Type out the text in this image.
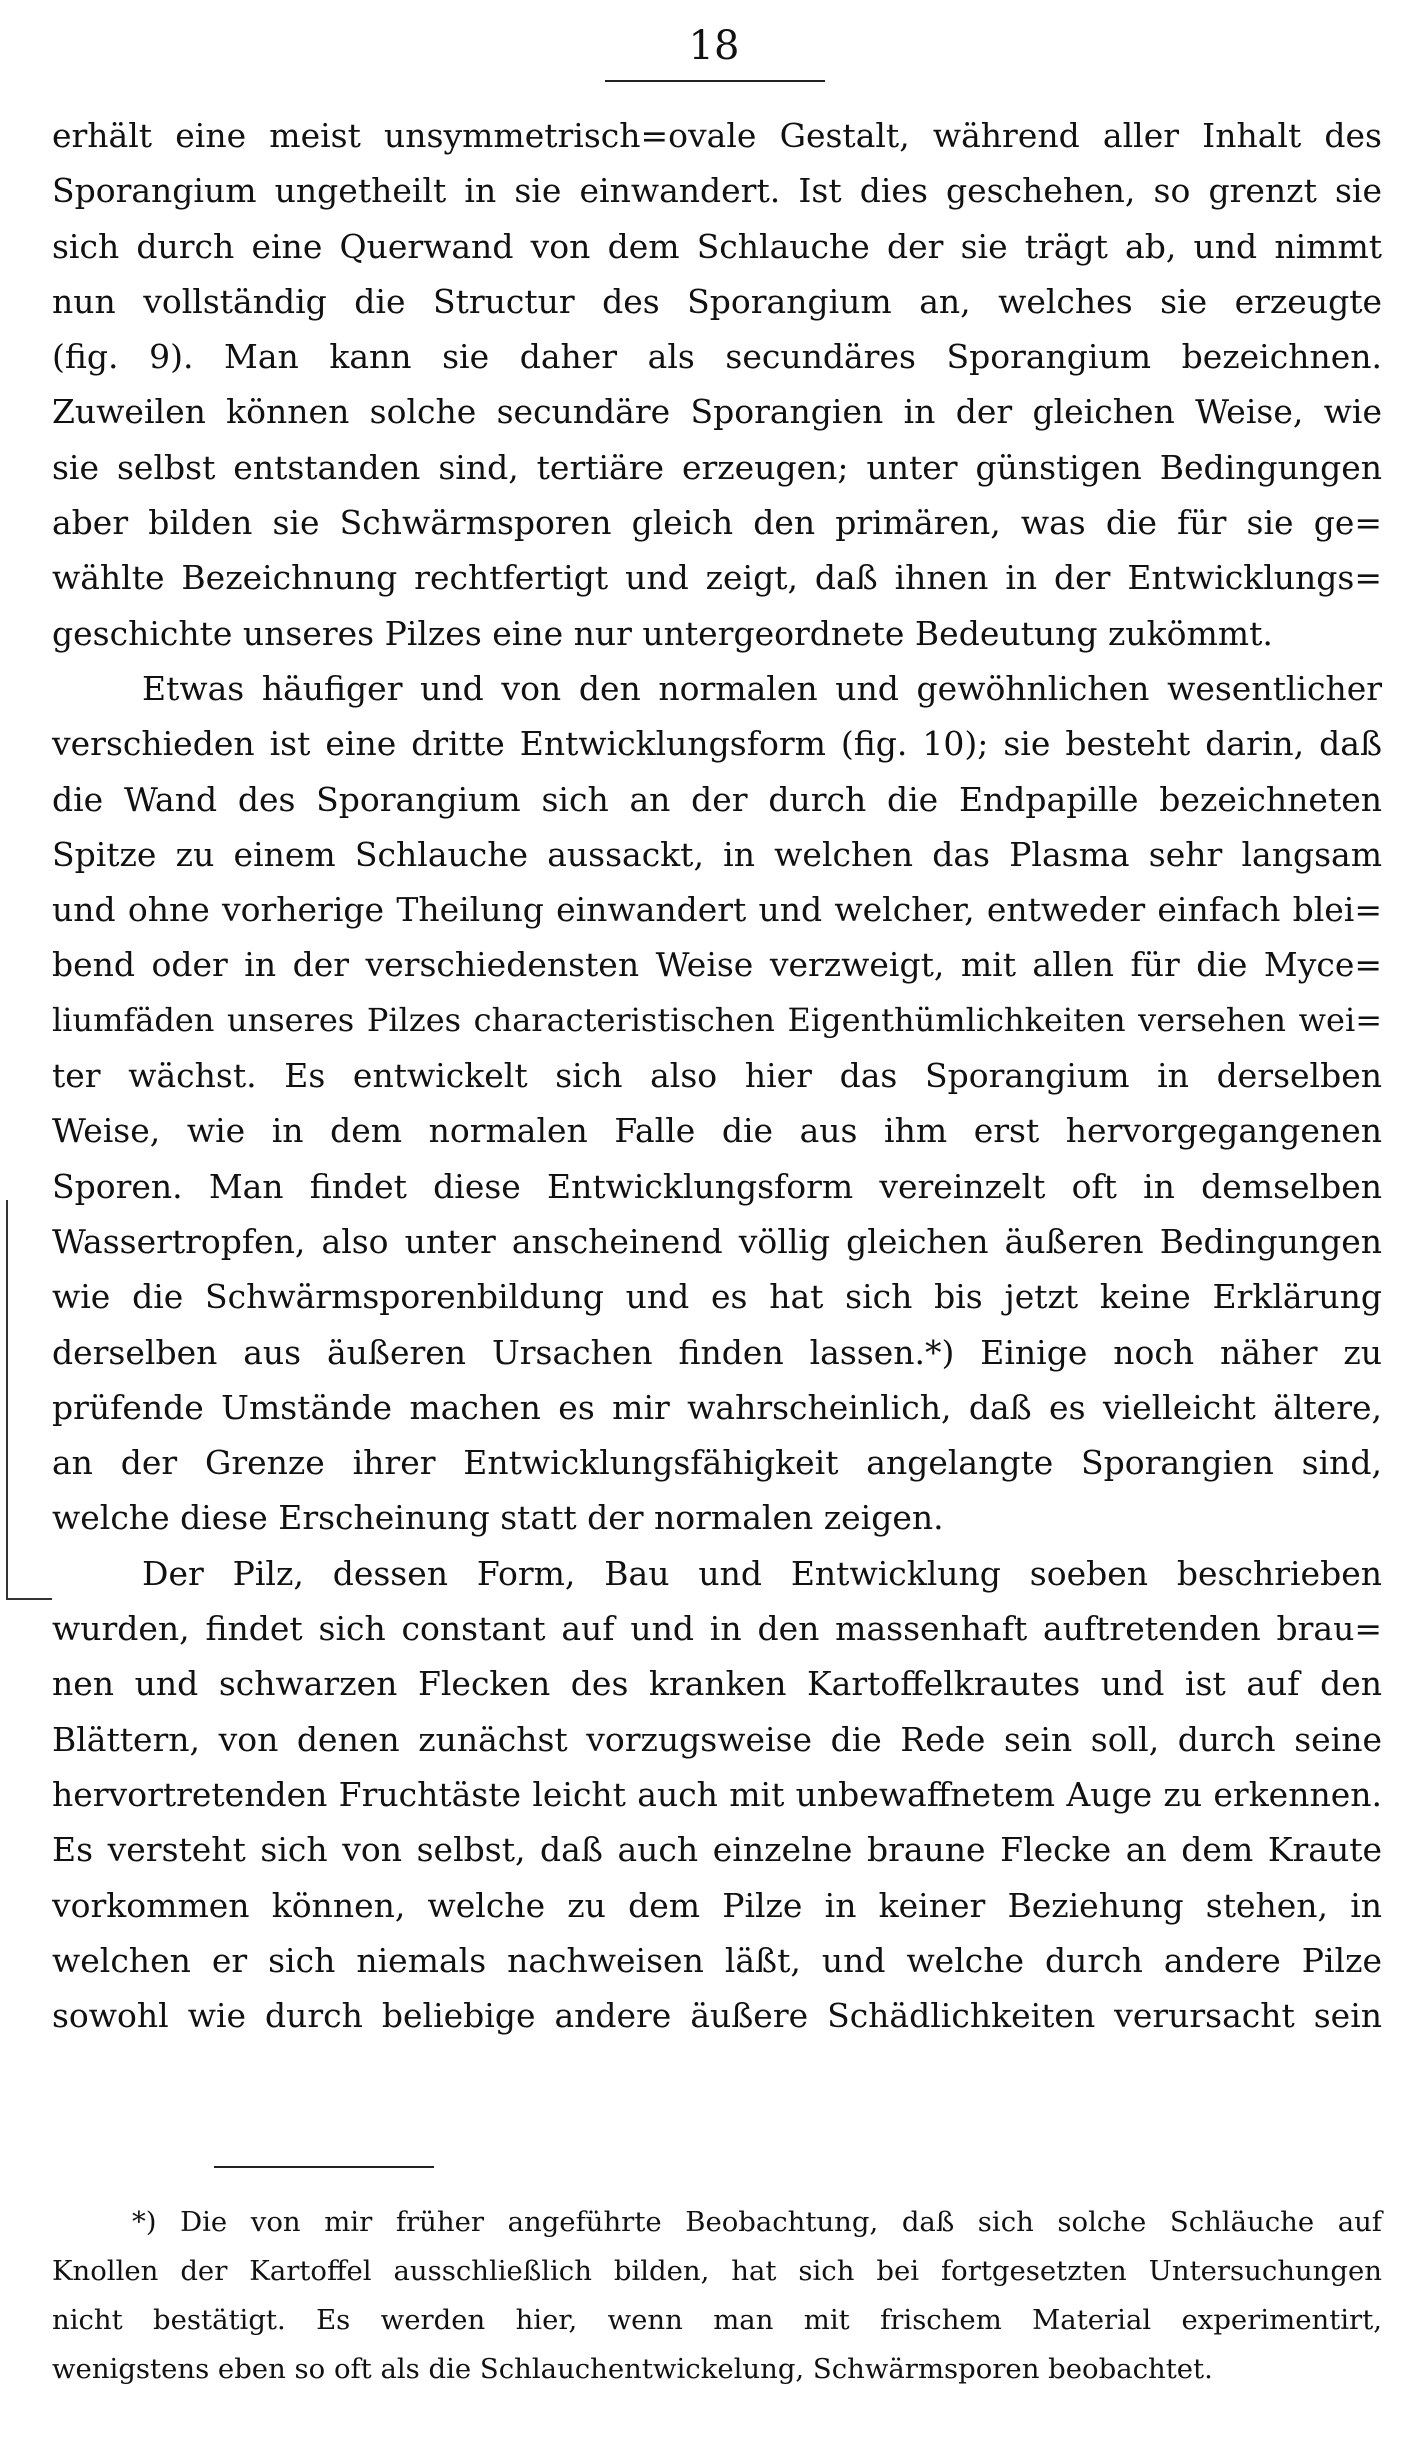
18
erhält eine meist unsymmetrisch=ovale Gestalt, während aller Inhalt des
Sporangium ungetheilt in sie einwandert. Ist dies geschehen, so grenzt sie
sich durch eine Querwand von dem Schlauche der sie trägt ab, und nimmt
nun vollständig die Structur des Sporangium an, welches sie erzeugte
(fig. 9). Man kann sie daher als secundäres Sporangium bezeichnen.
Zuweilen können solche secundäre Sporangien in der gleichen Weise, wie
sie selbst entstanden sind, tertiäre erzeugen; unter günstigen Bedingungen
aber bilden sie Schwärmsporen gleich den primären, was die für sie ge=
wählte Bezeichnung rechtfertigt und zeigt, daß ihnen in der Entwicklungs=
geschichte unseres Pilzes eine nur untergeordnete Bedeutung zukömmt.
Etwas häufiger und von den normalen und gewöhnlichen wesentlicher
verschieden ist eine dritte Entwicklungsform (fig. 10); sie besteht darin, daß
die Wand des Sporangium sich an der durch die Endpapille bezeichneten
Spitze zu einem Schlauche aussackt, in welchen das Plasma sehr langsam
und ohne vorherige Theilung einwandert und welcher, entweder einfach blei=
bend oder in der verschiedensten Weise verzweigt, mit allen für die Myce=
liumfäden unseres Pilzes characteristischen Eigenthümlichkeiten versehen wei=
ter wächst. Es entwickelt sich also hier das Sporangium in derselben
Weise, wie in dem normalen Falle die aus ihm erst hervorgegangenen
Sporen. Man findet diese Entwicklungsform vereinzelt oft in demselben
Wassertropfen, also unter anscheinend völlig gleichen äußeren Bedingungen
wie die Schwärmsporenbildung und es hat sich bis jetzt keine Erklärung
derselben aus äußeren Ursachen finden lassen.*) Einige noch näher zu
prüfende Umstände machen es mir wahrscheinlich, daß es vielleicht ältere,
an der Grenze ihrer Entwicklungsfähigkeit angelangte Sporangien sind,
welche diese Erscheinung statt der normalen zeigen.
Der Pilz, dessen Form, Bau und Entwicklung soeben beschrieben
wurden, findet sich constant auf und in den massenhaft auftretenden brau=
nen und schwarzen Flecken des kranken Kartoffelkrautes und ist auf den
Blättern, von denen zunächst vorzugsweise die Rede sein soll, durch seine
hervortretenden Fruchtäste leicht auch mit unbewaffnetem Auge zu erkennen.
Es versteht sich von selbst, daß auch einzelne braune Flecke an dem Kraute
vorkommen können, welche zu dem Pilze in keiner Beziehung stehen, in
welchen er sich niemals nachweisen läßt, und welche durch andere Pilze
sowohl wie durch beliebige andere äußere Schädlichkeiten verursacht sein
*) Die von mir früher angeführte Beobachtung, daß sich solche Schläuche auf
Knollen der Kartoffel ausschließlich bilden, hat sich bei fortgesetzten Untersuchungen
nicht bestätigt. Es werden hier, wenn man mit frischem Material experimentirt,
wenigstens eben so oft als die Schlauchentwickelung, Schwärmsporen beobachtet.
